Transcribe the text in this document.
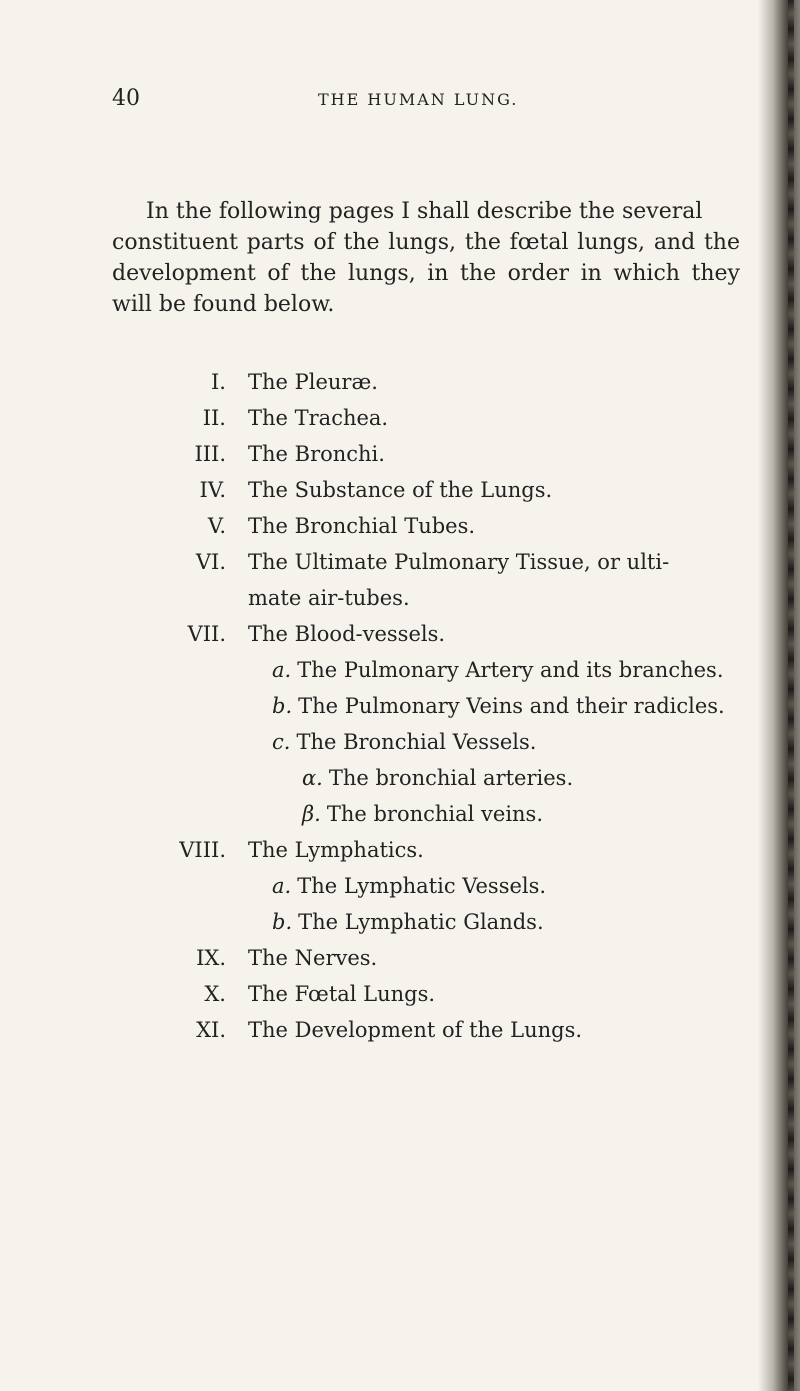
40	THE HUMAN LUNG.

In the following pages I shall describe the several
constituent parts of the lungs, the fœtal lungs, and the development of the lungs, in the order in which they will be found below.

I. The Pleuræ.
II. The Trachea.
III. The Bronchi.
IV. The Substance of the Lungs.
V. The Bronchial Tubes.
VI. The Ultimate Pulmonary Tissue, or ulti-
mate air-tubes.
VII. The Blood-vessels.
a. The Pulmonary Artery and its branches.
b. The Pulmonary Veins and their radicles.
c. The Bronchial Vessels.
α. The bronchial arteries.
β. The bronchial veins.
VIII. The Lymphatics.
a. The Lymphatic Vessels.
b. The Lymphatic Glands.
IX. The Nerves.
X. The Fœtal Lungs.
XI. The Development of the Lungs.
